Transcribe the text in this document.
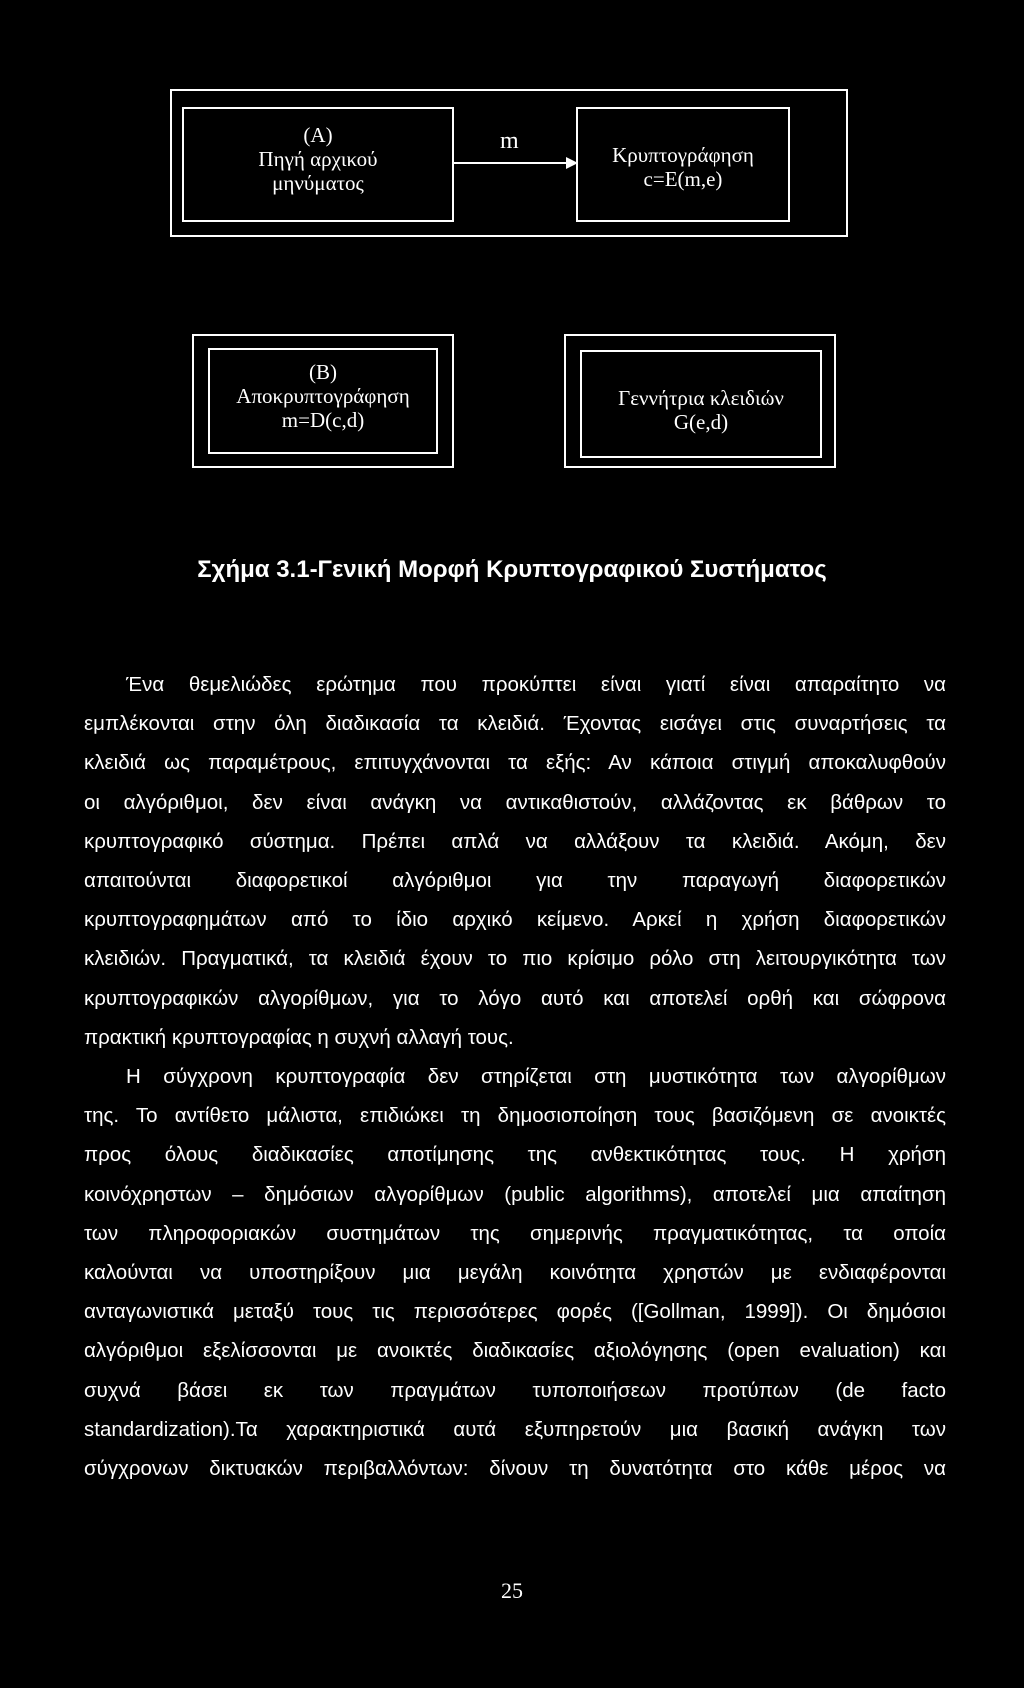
(A)
Πηγή αρχικού
μηνύματος
m
Κρυπτογράφηση
c=E(m,e)
(B)
Αποκρυπτογράφηση
m=D(c,d)
Γεννήτρια κλειδιών
G(e,d)
Σχήμα 3.1-Γενική Μορφή Κρυπτογραφικού Συστήματος
Ένα θεμελιώδες ερώτημα που προκύπτει είναι γιατί είναι απαραίτητο να
εμπλέκονται στην όλη διαδικασία τα κλειδιά. Έχοντας εισάγει στις συναρτήσεις τα
κλειδιά ως παραμέτρους, επιτυγχάνονται τα εξής: Αν κάποια στιγμή αποκαλυφθούν
οι αλγόριθμοι, δεν είναι ανάγκη να αντικαθιστούν, αλλάζοντας εκ βάθρων το
κρυπτογραφικό σύστημα. Πρέπει απλά να αλλάξουν τα κλειδιά. Ακόμη, δεν
απαιτούνται διαφορετικοί αλγόριθμοι για την παραγωγή διαφορετικών
κρυπτογραφημάτων από το ίδιο αρχικό κείμενο. Αρκεί η χρήση διαφορετικών
κλειδιών. Πραγματικά, τα κλειδιά έχουν το πιο κρίσιμο ρόλο στη λειτουργικότητα των
κρυπτογραφικών αλγορίθμων, για το λόγο αυτό και αποτελεί ορθή και σώφρονα
πρακτική κρυπτογραφίας η συχνή αλλαγή τους.
Η σύγχρονη κρυπτογραφία δεν στηρίζεται στη μυστικότητα των αλγορίθμων
της. Το αντίθετο μάλιστα, επιδιώκει τη δημοσιοποίηση τους βασιζόμενη σε ανοικτές
προς όλους διαδικασίες αποτίμησης της ανθεκτικότητας τους. Η χρήση
κοινόχρηστων – δημόσιων αλγορίθμων (public algorithms), αποτελεί μια απαίτηση
των πληροφοριακών συστημάτων της σημερινής πραγματικότητας, τα οποία
καλούνται να υποστηρίξουν μια μεγάλη κοινότητα χρηστών με ενδιαφέρονται
ανταγωνιστικά μεταξύ τους τις περισσότερες φορές ([Gollman, 1999]). Οι δημόσιοι
αλγόριθμοι εξελίσσονται με ανοικτές διαδικασίες αξιολόγησης (open evaluation) και
συχνά βάσει εκ των πραγμάτων τυποποιήσεων προτύπων (de facto
standardization).Τα χαρακτηριστικά αυτά εξυπηρετούν μια βασική ανάγκη των
σύγχρονων δικτυακών περιβαλλόντων: δίνουν τη δυνατότητα στο κάθε μέρος να
25
